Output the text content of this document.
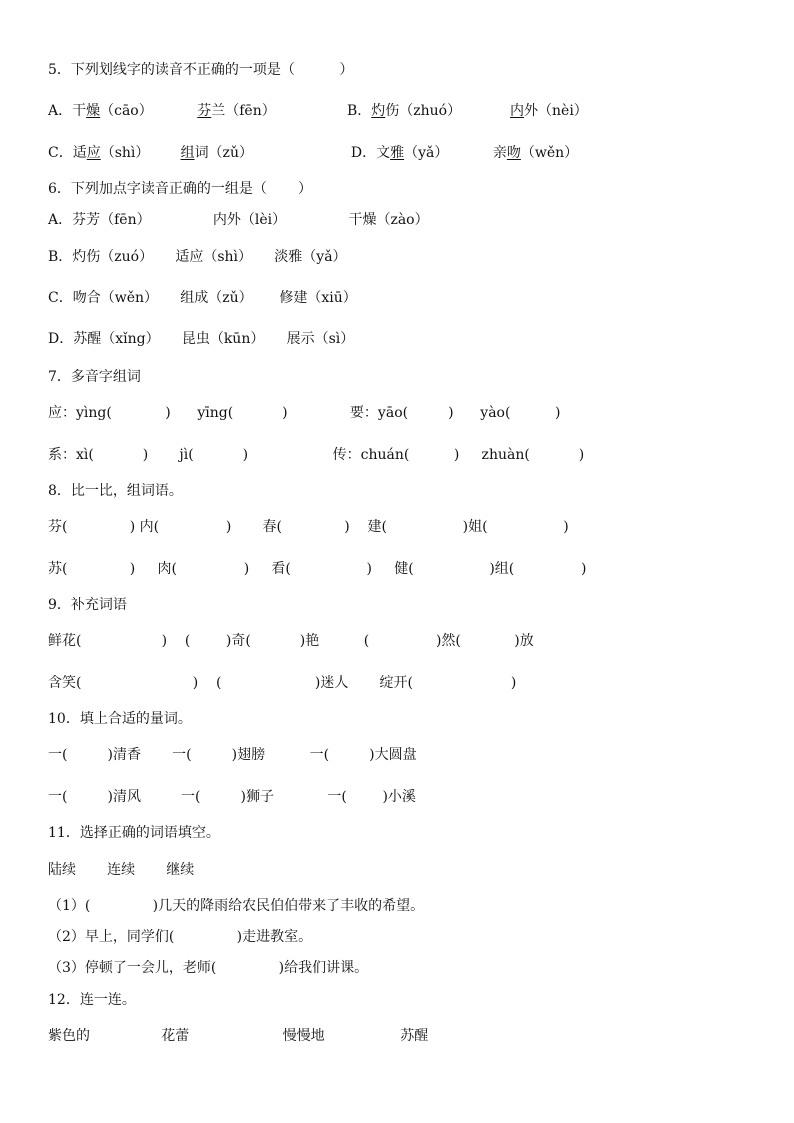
5．下列划线字的读音不正确的一项是（          ）
A．干燥（cāo）          芬兰（fēn）                B．灼伤（zhuó）           内外（nèi）
C．适应（shì）       组词（zǔ）                      D．文雅（yǎ）          亲吻（wěn）
6．下列加点字读音正确的一组是（       ）
A．芬芳（fēn）              内外（lèi）              干燥（zào）
B．灼伤（zuó）     适应（shì）     淡雅（yǎ）
C．吻合（wěn）     组成（zǔ）      修建（xiū）
D．苏醒（xǐng）     昆虫（kūn）     展示（sì）
7．多音字组词
应：yìng(            )      yīng(           )              要：yāo(         )      yào(          )
系：xì(           )       jì(           )                   传：chuán(          )     zhuàn(           )
8．比一比，组词语。
芬(              ) 内(               )       春(              )    建(                 )姐(                 )
苏(              )     肉(               )     看(                 )     健(                 )组(               )
9．补充词语
鲜花(                  )    (        )奇(           )艳          (               )然(            )放
含笑(                         )    (                     )迷人       绽开(                      )
10．填上合适的量词。
一(         )清香       一(         )翅膀          一(         )大圆盘
一(         )清风         一(         )狮子            一(        )小溪
11．选择正确的词语填空。
陆续       连续       继续
（1）(              )几天的降雨给农民伯伯带来了丰收的希望。
（2）早上，同学们(              )走进教室。
（3）停顿了一会儿，老师(              )给我们讲课。
12．连一连。
紫色的                花蕾                     慢慢地                 苏醒
